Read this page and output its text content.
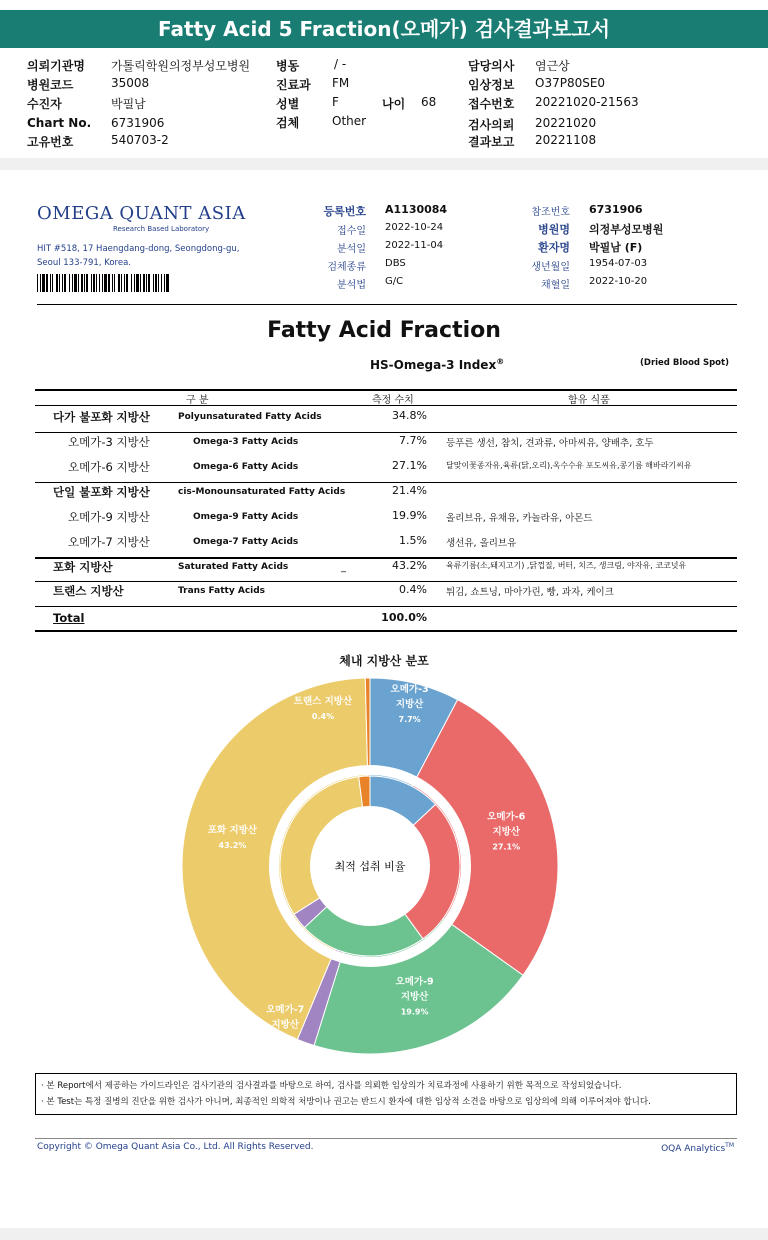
Fatty Acid 5 Fraction(오메가) 검사결과보고서
의뢰기관명 가톨릭학원의정부성모병원
병원코드	35008
수진자	박필남
Chart No. 6731906
고유번호	540703-2
병동	/ -
진료과 FM
성별	F	나이 68
검체	Other
담당의사 염근상
임상정보 O37P80SE0
접수번호 20221020-21563
검사의뢰 20221020
결과보고 20221108
OMEGA QUANT ASIA
Research Based Laboratory
HIT #518, 17 Haengdang-dong, Seongdong-gu,
Seoul 133-791, Korea.
등록번호 A1130084
접수일 2022-10-24
분석일 2022-11-04
검체종류 DBS
분석법 G/C
참조번호 6731906
병원명 의정부성모병원
환자명 박필남 (F)
생년월일 1954-07-03
채혈일 2022-10-20
Fatty Acid Fraction
HS-Omega-3 Index®	(Dried Blood Spot)
구 분	측정 수치	함유 식품
다가 불포화 지방산	Polyunsaturated Fatty Acids	34.8%
오메가-3 지방산	Omega-3 Fatty Acids	7.7% 등푸른 생선, 참치, 견과류, 아마씨유, 양배추, 호두
오메가-6 지방산	Omega-6 Fatty Acids	27.1% 달맞이꽃종자유,육류(닭,오리),옥수수유 포도씨유,콩기름 해바라기씨유
단일 불포화 지방산	cis-Monounsaturated Fatty Acids	21.4%
오메가-9 지방산	Omega-9 Fatty Acids	19.9% 올리브유, 유채유, 카놀라유, 아몬드
오메가-7 지방산	Omega-7 Fatty Acids	1.5% 생선유, 올리브유
포화 지방산	Saturated Fatty Acids	43.2% 육류기름(소,돼지고기) ,닭껍질, 버터, 치즈, 생크림, 야자유, 코코넛유
트랜스 지방산	Trans Fatty Acids	0.4% 튀김, 쇼트닝, 마아가린, 빵, 과자, 케이크
_
Total	100.0%
체내 지방산 분포
최적 섭취 비율
오메가-3 지방산 7.7%
오메가-6 지방산 27.1%
오메가-9 지방산 19.9%
오메가-7 지방산 1.5%
포화 지방산 43.2%
트랜스 지방산 0.4%
· 본 Report에서 제공하는 가이드라인은 검사기관의 검사결과를 바탕으로 하여, 검사를 의뢰한 임상의가 치료과정에 사용하기 위한 목적으로 작성되었습니다.
· 본 Test는 특정 질병의 진단을 위한 검사가 아니며, 최종적인 의학적 처방이나 권고는 반드시 환자에 대한 임상적 소견을 바탕으로 임상의에 의해 이루어져야 합니다.
Copyright © Omega Quant Asia Co., Ltd. All Rights Reserved.	OQA Analytics™
